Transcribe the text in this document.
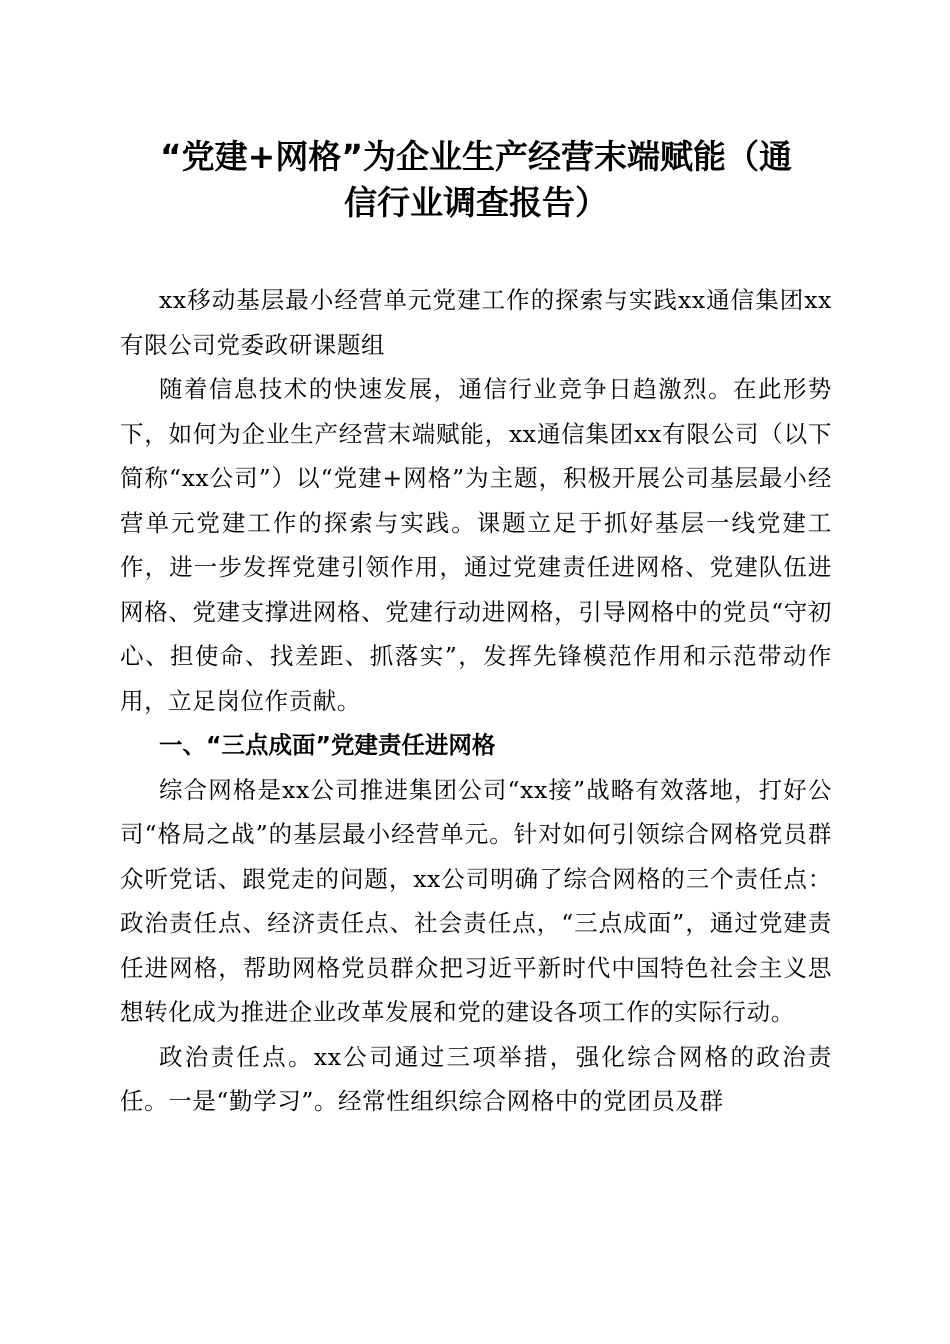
“党建+网格”为企业生产经营末端赋能（通
信行业调查报告）

xx移动基层最小经营单元党建工作的探索与实践xx通信集团xx有限公司党委政研课题组

随着信息技术的快速发展，通信行业竞争日趋激烈。在此形势下，如何为企业生产经营末端赋能，xx通信集团xx有限公司（以下简称“xx公司”）以“党建+网格”为主题，积极开展公司基层最小经营单元党建工作的探索与实践。课题立足于抓好基层一线党建工作，进一步发挥党建引领作用，通过党建责任进网格、党建队伍进网格、党建支撑进网格、党建行动进网格，引导网格中的党员“守初心、担使命、找差距、抓落实”，发挥先锋模范作用和示范带动作用，立足岗位作贡献。

一、“三点成面”党建责任进网格

综合网格是xx公司推进集团公司“xx接”战略有效落地，打好公司“格局之战”的基层最小经营单元。针对如何引领综合网格党员群众听党话、跟党走的问题，xx公司明确了综合网格的三个责任点：政治责任点、经济责任点、社会责任点，“三点成面”，通过党建责任进网格，帮助网格党员群众把习近平新时代中国特色社会主义思想转化成为推进企业改革发展和党的建设各项工作的实际行动。

政治责任点。xx公司通过三项举措，强化综合网格的政治责任。一是“勤学习”。经常性组织综合网格中的党团员及群
